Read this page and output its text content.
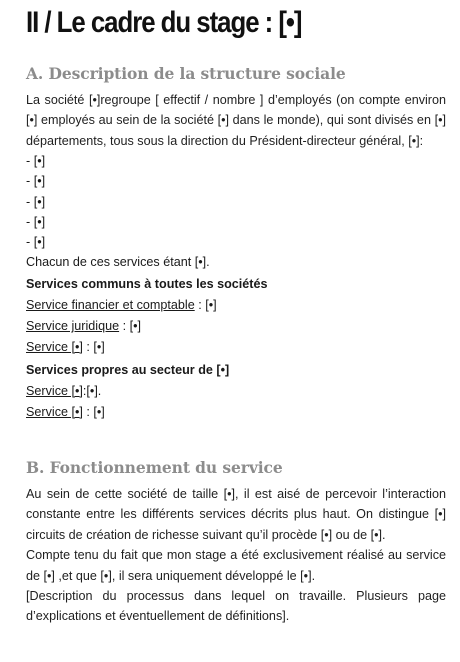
II / Le cadre du stage : [•]
A. Description de la structure sociale

La société [•]regroupe [ effectif / nombre ] d’employés (on compte environ [•] employés au sein de la société [•] dans le monde), qui sont divisés en [•] départements, tous sous la direction du Président-directeur général, [•]:

- [•]

- [•]

- [•]

- [•]

- [•]

Chacun de ces services étant [•].

Services communs à toutes les sociétés

Service financier et comptable : [•]

Service juridique : [•]

Service [•] : [•]

Services propres au secteur de [•]

Service [•]:[•].

Service [•] : [•]

B. Fonctionnement du service

Au sein de cette société de taille [•], il est aisé de percevoir l’interaction constante entre les différents services décrits plus haut. On distingue [•] circuits de création de richesse suivant qu’il procède [•] ou de [•].

Compte tenu du fait que mon stage a été exclusivement réalisé au service de [•] ,et que [•], il sera uniquement développé le [•].

[Description du processus dans lequel on travaille. Plusieurs page d’explications et éventuellement de définitions].
